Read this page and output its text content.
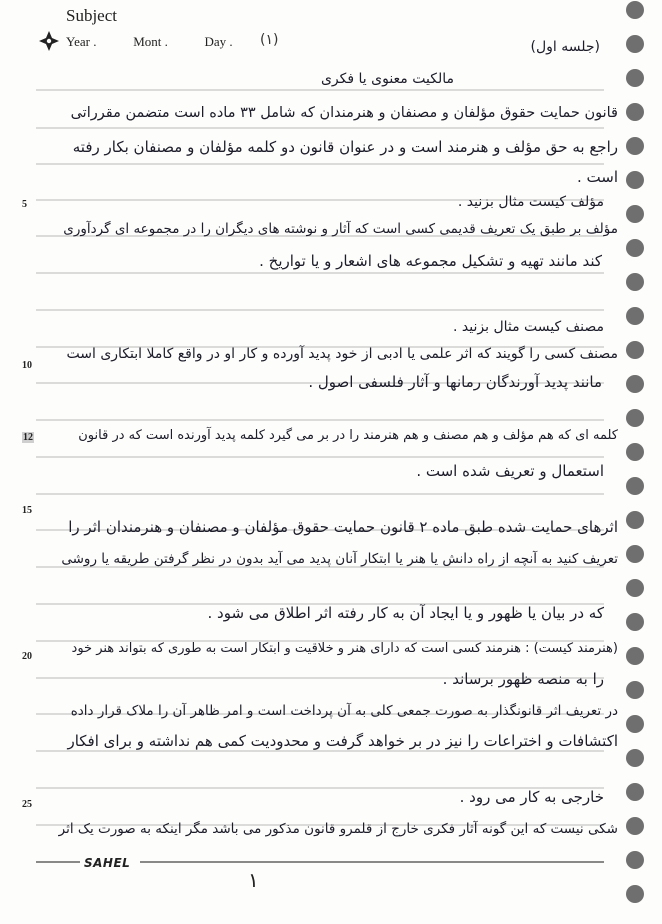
Subject
Year .	Mont .	Day .	(۱)
5
10
12
15
20
25
(جلسه اول)
مالکیت معنوی یا فکری
قانون حمایت حقوق مؤلفان و مصنفان و هنرمندان که شامل ۳۳ ماده است متضمن مقرراتی
راجع به حق مؤلف و هنرمند است و در عنوان قانون دو کلمه مؤلفان و مصنفان بکار رفته
است .
مؤلف کیست مثال بزنید .
مؤلف بر طبق یک تعریف قدیمی کسی است که آثار و نوشته های دیگران را در مجموعه ای گردآوری
کند مانند تهیه و تشکیل مجموعه های اشعار و یا تواریخ .
مصنف کیست مثال بزنید .
مصنف کسی را گویند که اثر علمی یا ادبی از خود پدید آورده و کار او در واقع کاملا ابتکاری است
مانند پدید آورندگان رمانها و آثار فلسفی اصول .
کلمه ای که هم مؤلف و هم مصنف و هم هنرمند را در بر می گیرد کلمه پدید آورنده است که در قانون
استعمال و تعریف شده است .
اثرهای حمایت شده طبق ماده ۲ قانون حمایت حقوق مؤلفان و مصنفان و هنرمندان اثر را
تعریف کنید به آنچه از راه دانش یا هنر یا ابتکار آنان پدید می آید بدون در نظر گرفتن طریقه یا روشی
که در بیان یا ظهور و یا ایجاد آن به کار رفته اثر اطلاق می شود .
(هنرمند کیست) : هنرمند کسی است که دارای هنر و خلاقیت و ابتکار است به طوری که بتواند هنر خود
را به منصه ظهور برساند .
در تعریف اثر قانونگذار به صورت جمعی کلی به آن پرداخت است و امر ظاهر آن را ملاک قرار داده
اکتشافات و اختراعات را نیز در بر خواهد گرفت و محدودیت کمی هم نداشته و برای افکار
خارجی به کار می رود .
شکی نیست که این گونه آثار فکری خارج از قلمرو قانون مذکور می باشد مگر اینکه به صورت یک اثر
SAHEL
۱
